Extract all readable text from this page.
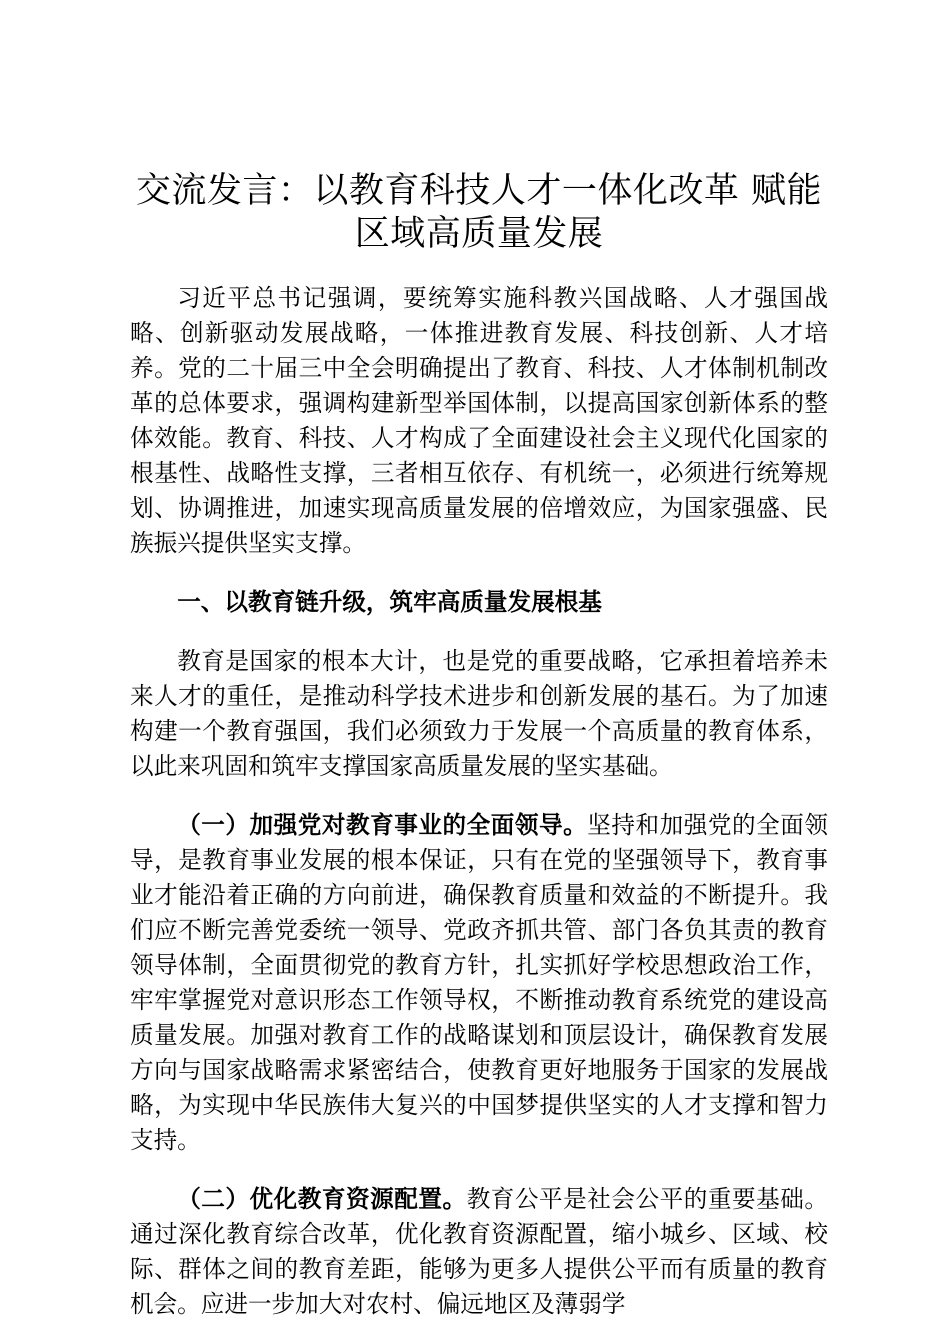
交流发言：以教育科技人才一体化改革 赋能
区域高质量发展

习近平总书记强调，要统筹实施科教兴国战略、人才强国战略、创新驱动发展战略，一体推进教育发展、科技创新、人才培养。党的二十届三中全会明确提出了教育、科技、人才体制机制改革的总体要求，强调构建新型举国体制，以提高国家创新体系的整体效能。教育、科技、人才构成了全面建设社会主义现代化国家的根基性、战略性支撑，三者相互依存、有机统一，必须进行统筹规划、协调推进，加速实现高质量发展的倍增效应，为国家强盛、民族振兴提供坚实支撑。

一、以教育链升级，筑牢高质量发展根基

教育是国家的根本大计，也是党的重要战略，它承担着培养未来人才的重任，是推动科学技术进步和创新发展的基石。为了加速构建一个教育强国，我们必须致力于发展一个高质量的教育体系，以此来巩固和筑牢支撑国家高质量发展的坚实基础。

（一）加强党对教育事业的全面领导。坚持和加强党的全面领导，是教育事业发展的根本保证，只有在党的坚强领导下，教育事业才能沿着正确的方向前进，确保教育质量和效益的不断提升。我们应不断完善党委统一领导、党政齐抓共管、部门各负其责的教育领导体制，全面贯彻党的教育方针，扎实抓好学校思想政治工作，牢牢掌握党对意识形态工作领导权，不断推动教育系统党的建设高质量发展。加强对教育工作的战略谋划和顶层设计，确保教育发展方向与国家战略需求紧密结合，使教育更好地服务于国家的发展战略，为实现中华民族伟大复兴的中国梦提供坚实的人才支撑和智力支持。

（二）优化教育资源配置。教育公平是社会公平的重要基础。通过深化教育综合改革，优化教育资源配置，缩小城乡、区域、校际、群体之间的教育差距，能够为更多人提供公平而有质量的教育机会。应进一步加大对农村、偏远地区及薄弱学
